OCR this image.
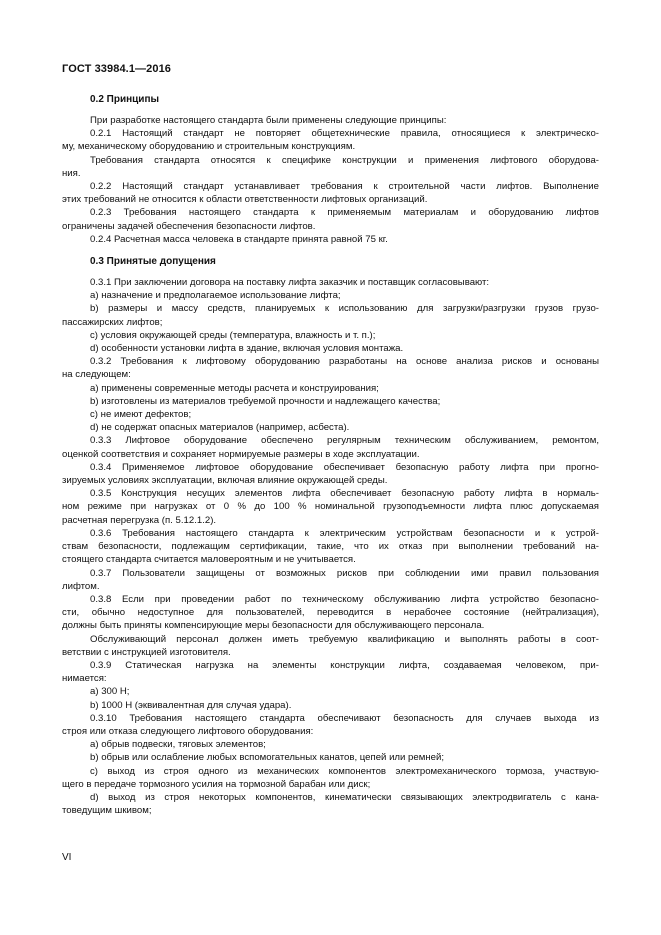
ГОСТ 33984.1—2016
0.2 Принципы
При разработке настоящего стандарта были применены следующие принципы:
0.2.1 Настоящий стандарт не повторяет общетехнические правила, относящиеся к электрическо-
му, механическому оборудованию и строительным конструкциям.
Требования стандарта относятся к специфике конструкции и применения лифтового оборудова-
ния.
0.2.2 Настоящий стандарт устанавливает требования к строительной части лифтов. Выполнение
этих требований не относится к области ответственности лифтовых организаций.
0.2.3 Требования настоящего стандарта к применяемым материалам и оборудованию лифтов
ограничены задачей обеспечения безопасности лифтов.
0.2.4 Расчетная масса человека в стандарте принята равной 75 кг.
0.3 Принятые допущения
0.3.1 При заключении договора на поставку лифта заказчик и поставщик согласовывают:
a) назначение и предполагаемое использование лифта;
b) размеры и массу средств, планируемых к использованию для загрузки/разгрузки грузов грузо-
пассажирских лифтов;
c) условия окружающей среды (температура, влажность и т. п.);
d) особенности установки лифта в здание, включая условия монтажа.
0.3.2 Требования к лифтовому оборудованию разработаны на основе анализа рисков и основаны
на следующем:
a) применены современные методы расчета и конструирования;
b) изготовлены из материалов требуемой прочности и надлежащего качества;
c) не имеют дефектов;
d) не содержат опасных материалов (например, асбеста).
0.3.3 Лифтовое оборудование обеспечено регулярным техническим обслуживанием, ремонтом,
оценкой соответствия и сохраняет нормируемые размеры в ходе эксплуатации.
0.3.4 Применяемое лифтовое оборудование обеспечивает безопасную работу лифта при прогно-
зируемых условиях эксплуатации, включая влияние окружающей среды.
0.3.5 Конструкция несущих элементов лифта обеспечивает безопасную работу лифта в нормаль-
ном режиме при нагрузках от 0 % до 100 % номинальной грузоподъемности лифта плюс допускаемая
расчетная перегрузка (п. 5.12.1.2).
0.3.6 Требования настоящего стандарта к электрическим устройствам безопасности и к устрой-
ствам безопасности, подлежащим сертификации, такие, что их отказ при выполнении требований на-
стоящего стандарта считается маловероятным и не учитывается.
0.3.7 Пользователи защищены от возможных рисков при соблюдении ими правил пользования
лифтом.
0.3.8 Если при проведении работ по техническому обслуживанию лифта устройство безопасно-
сти, обычно недоступное для пользователей, переводится в нерабочее состояние (нейтрализация),
должны быть приняты компенсирующие меры безопасности для обслуживающего персонала.
Обслуживающий персонал должен иметь требуемую квалификацию и выполнять работы в соот-
ветствии с инструкцией изготовителя.
0.3.9 Статическая нагрузка на элементы конструкции лифта, создаваемая человеком, при-
нимается:
a) 300 Н;
b) 1000 Н (эквивалентная для случая удара).
0.3.10 Требования настоящего стандарта обеспечивают безопасность для случаев выхода из
строя или отказа следующего лифтового оборудования:
a) обрыв подвески, тяговых элементов;
b) обрыв или ослабление любых вспомогательных канатов, цепей или ремней;
c) выход из строя одного из механических компонентов электромеханического тормоза, участвую-
щего в передаче тормозного усилия на тормозной барабан или диск;
d) выход из строя некоторых компонентов, кинематически связывающих электродвигатель с кана-
товедущим шкивом;
VI
